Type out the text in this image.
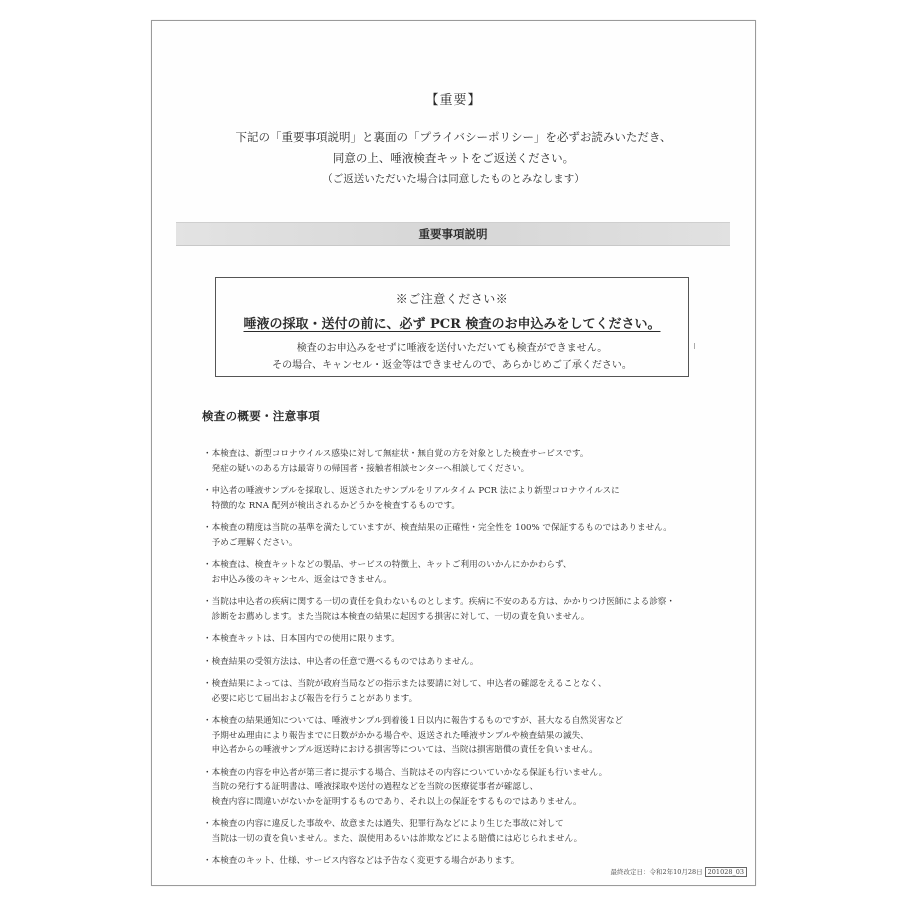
【重要】
下記の「重要事項説明」と裏面の「プライバシーポリシー」を必ずお読みいただき、
同意の上、唾液検査キットをご返送ください。
（ご返送いただいた場合は同意したものとみなします）
重要事項説明
※ご注意ください※
唾液の採取・送付の前に、必ず PCR 検査のお申込みをしてください。
検査のお申込みをせずに唾液を送付いただいても検査ができません。
その場合、キャンセル・返金等はできませんので、あらかじめご了承ください。
検査の概要・注意事項
・本検査は、新型コロナウイルス感染に対して無症状・無自覚の方を対象とした検査サービスです。
　発症の疑いのある方は最寄りの帰国者・接触者相談センターへ相談してください。
・申込者の唾液サンプルを採取し、返送されたサンプルをリアルタイム PCR 法により新型コロナウイルスに
　特徴的な RNA 配列が検出されるかどうかを検査するものです。
・本検査の精度は当院の基準を満たしていますが、検査結果の正確性・完全性を 100% で保証するものではありません。
　予めご理解ください。
・本検査は、検査キットなどの製品、サービスの特徴上、キットご利用のいかんにかかわらず、
　お申込み後のキャンセル、返金はできません。
・当院は申込者の疾病に関する一切の責任を負わないものとします。疾病に不安のある方は、かかりつけ医師による診察・
　診断をお薦めします。また当院は本検査の結果に起因する損害に対して、一切の責を負いません。
・本検査キットは、日本国内での使用に限ります。
・検査結果の受領方法は、申込者の任意で選べるものではありません。
・検査結果によっては、当院が政府当局などの指示または要請に対して、申込者の確認をえることなく、
　必要に応じて届出および報告を行うことがあります。
・本検査の結果通知については、唾液サンプル到着後１日以内に報告するものですが、甚大なる自然災害など
　予期せぬ理由により報告までに日数がかかる場合や、返送された唾液サンプルや検査結果の滅失、
　申込者からの唾液サンプル返送時における損害等については、当院は損害賠償の責任を負いません。
・本検査の内容を申込者が第三者に提示する場合、当院はその内容についていかなる保証も行いません。
　当院の発行する証明書は、唾液採取や送付の過程などを当院の医療従事者が確認し、
　検査内容に間違いがないかを証明するものであり、それ以上の保証をするものではありません。
・本検査の内容に違反した事故や、故意または過失、犯罪行為などにより生じた事故に対して
　当院は一切の責を負いません。また、誤使用あるいは詐欺などによる賠償には応じられません。
・本検査のキット、仕様、サービス内容などは予告なく変更する場合があります。
最終改定日：令和2年10月28日 201028_03
